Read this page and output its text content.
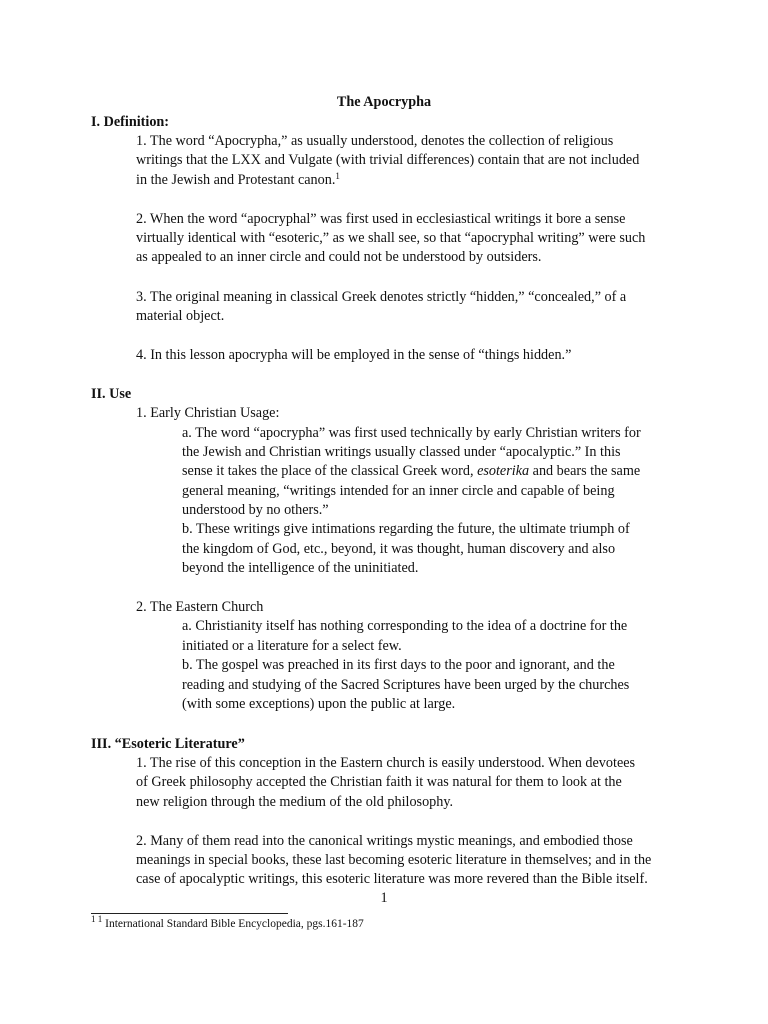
The Apocrypha
I. Definition:
1. The word “Apocrypha,” as usually understood, denotes the collection of religious
writings that the LXX and Vulgate (with trivial differences) contain that are not included
in the Jewish and Protestant canon.$^1$
2. When the word “apocryphal” was first used in ecclesiastical writings it bore a sense
virtually identical with “esoteric,” as we shall see, so that “apocryphal writing” were such
as appealed to an inner circle and could not be understood by outsiders.
3. The original meaning in classical Greek denotes strictly “hidden,” “concealed,” of a
material object.
4. In this lesson apocrypha will be employed in the sense of “things hidden.”
II. Use
1. Early Christian Usage:
a. The word “apocrypha” was first used technically by early Christian writers for
the Jewish and Christian writings usually classed under “apocalyptic.” In this
sense it takes the place of the classical Greek word, esoterika and bears the same
general meaning, “writings intended for an inner circle and capable of being
understood by no others.”
b. These writings give intimations regarding the future, the ultimate triumph of
the kingdom of God, etc., beyond, it was thought, human discovery and also
beyond the intelligence of the uninitiated.
2. The Eastern Church
a. Christianity itself has nothing corresponding to the idea of a doctrine for the
initiated or a literature for a select few.
b. The gospel was preached in its first days to the poor and ignorant, and the
reading and studying of the Sacred Scriptures have been urged by the churches
(with some exceptions) upon the public at large.
III. “Esoteric Literature”
1. The rise of this conception in the Eastern church is easily understood. When devotees
of Greek philosophy accepted the Christian faith it was natural for them to look at the
new religion through the medium of the old philosophy.
2. Many of them read into the canonical writings mystic meanings, and embodied those
meanings in special books, these last becoming esoteric literature in themselves; and in the
case of apocalyptic writings, this esoteric literature was more revered than the Bible itself.
1
$^{1 1}$ International Standard Bible Encyclopedia, pgs.161-187
